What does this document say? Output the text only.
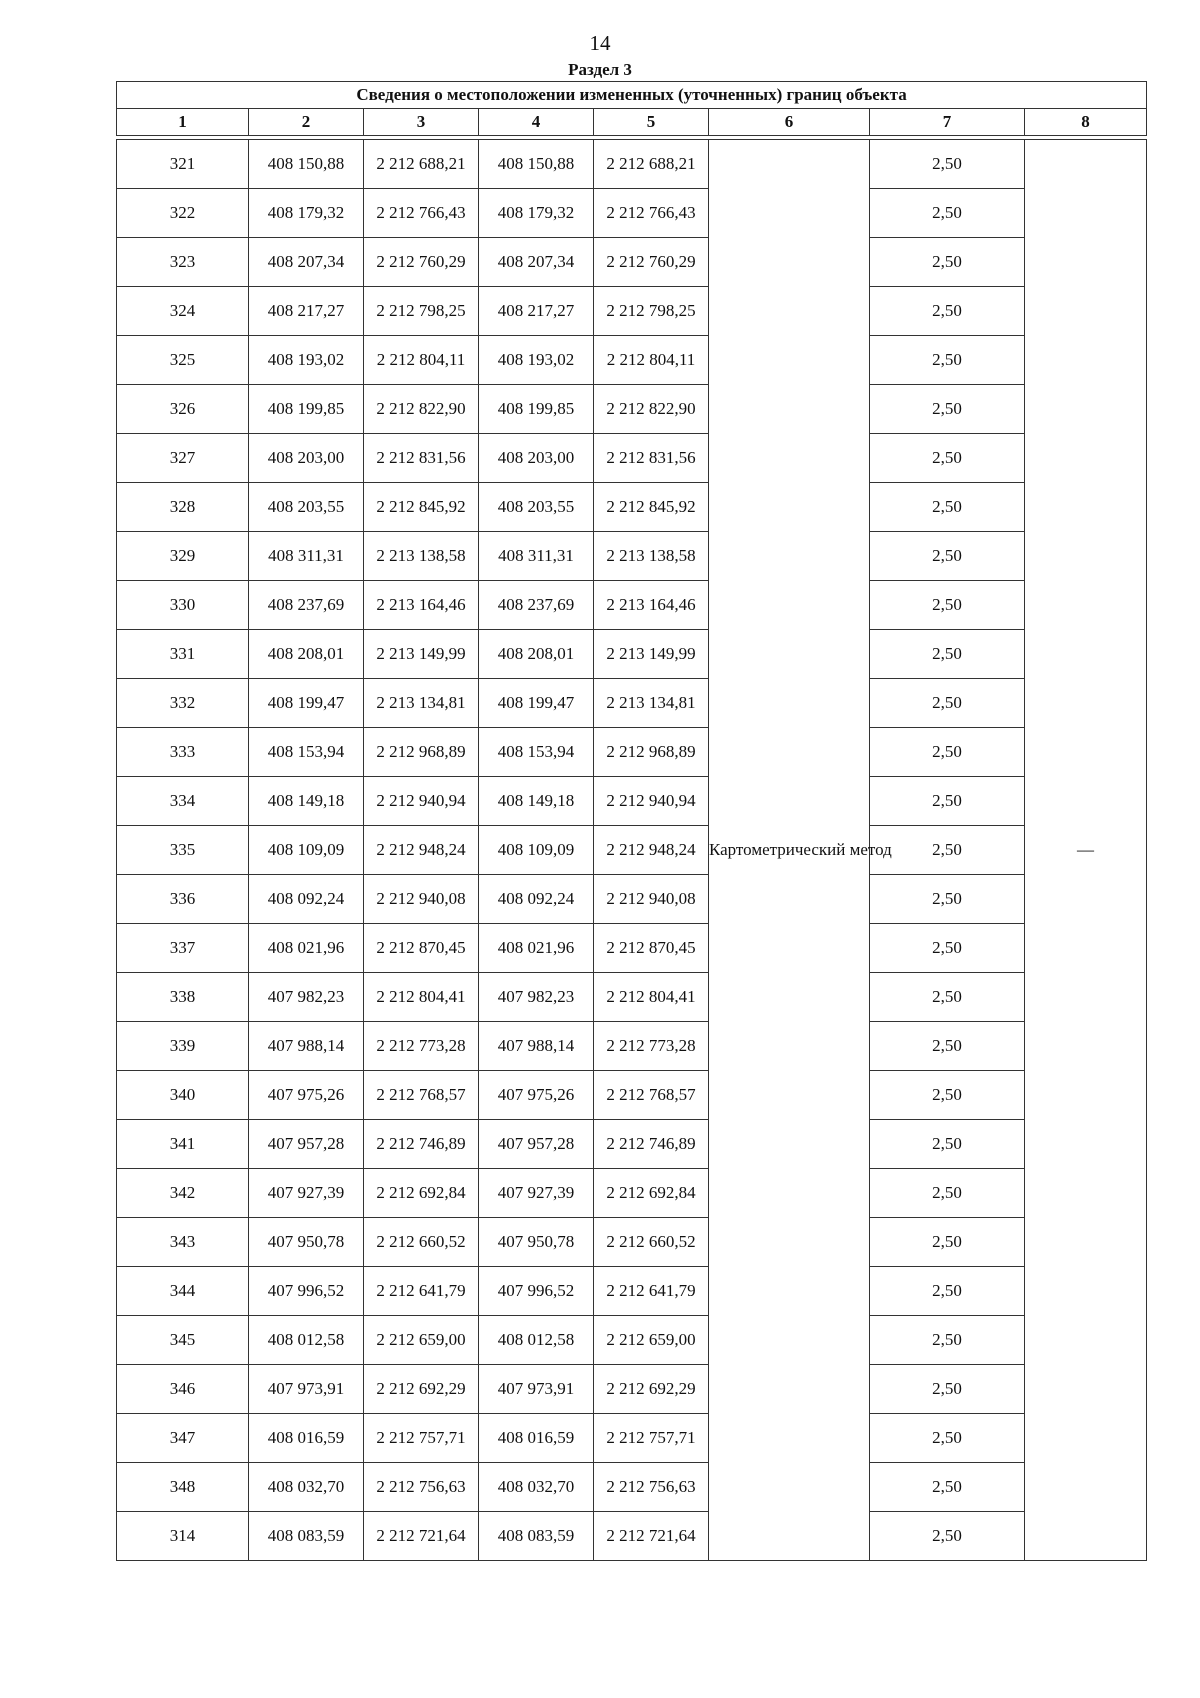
14
Раздел 3
Сведения о местоположении измененных (уточненных) границ объекта							
1	2	3	4	5	6	7	8

321	408 150,88	2 212 688,21	408 150,88	2 212 688,21	Картометрический метод	2,50	—
322	408 179,32	2 212 766,43	408 179,32	2 212 766,43		2,50	
323	408 207,34	2 212 760,29	408 207,34	2 212 760,29		2,50	
324	408 217,27	2 212 798,25	408 217,27	2 212 798,25		2,50	
325	408 193,02	2 212 804,11	408 193,02	2 212 804,11		2,50	
326	408 199,85	2 212 822,90	408 199,85	2 212 822,90		2,50	
327	408 203,00	2 212 831,56	408 203,00	2 212 831,56		2,50	
328	408 203,55	2 212 845,92	408 203,55	2 212 845,92		2,50	
329	408 311,31	2 213 138,58	408 311,31	2 213 138,58		2,50	
330	408 237,69	2 213 164,46	408 237,69	2 213 164,46		2,50	
331	408 208,01	2 213 149,99	408 208,01	2 213 149,99		2,50	
332	408 199,47	2 213 134,81	408 199,47	2 213 134,81		2,50	
333	408 153,94	2 212 968,89	408 153,94	2 212 968,89		2,50	
334	408 149,18	2 212 940,94	408 149,18	2 212 940,94		2,50	
335	408 109,09	2 212 948,24	408 109,09	2 212 948,24		2,50	
336	408 092,24	2 212 940,08	408 092,24	2 212 940,08		2,50	
337	408 021,96	2 212 870,45	408 021,96	2 212 870,45		2,50	
338	407 982,23	2 212 804,41	407 982,23	2 212 804,41		2,50	
339	407 988,14	2 212 773,28	407 988,14	2 212 773,28		2,50	
340	407 975,26	2 212 768,57	407 975,26	2 212 768,57		2,50	
341	407 957,28	2 212 746,89	407 957,28	2 212 746,89		2,50	
342	407 927,39	2 212 692,84	407 927,39	2 212 692,84		2,50	
343	407 950,78	2 212 660,52	407 950,78	2 212 660,52		2,50	
344	407 996,52	2 212 641,79	407 996,52	2 212 641,79		2,50	
345	408 012,58	2 212 659,00	408 012,58	2 212 659,00		2,50	
346	407 973,91	2 212 692,29	407 973,91	2 212 692,29		2,50	
347	408 016,59	2 212 757,71	408 016,59	2 212 757,71		2,50	
348	408 032,70	2 212 756,63	408 032,70	2 212 756,63		2,50	
314	408 083,59	2 212 721,64	408 083,59	2 212 721,64		2,50	
